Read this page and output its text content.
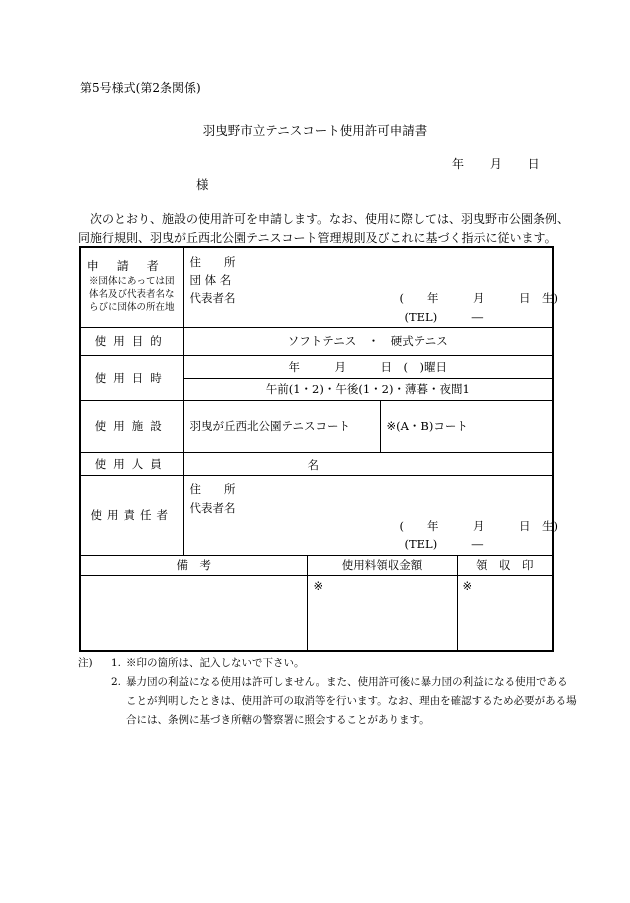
第5号様式(第2条関係)
羽曳野市立テニスコート使用許可申請書
年 月 日
様
次のとおり、施設の使用許可を申請します。なお、使用に際しては、羽曳野市公園条例、
同施行規則、羽曳が丘西北公園テニスコート管理規則及びこれに基づく指示に従います。
申請者
※団体にあっては団
体名及び代表者名な
らびに団体の所在地	住　　所
団 体 名
代表者名 (　　年　　　月　　　日　生)
(TEL)　　　―			

使用目的	ソフトテニス　・　硬式テニス			
使用日時	年　　　月　　　日　(　)曜日			
	午前(1・2)・午後(1・2)・薄暮・夜間1			
使用施設	羽曳が丘西北公園テニスコート		※(A・B)コート	
使用人員	名			

使用責任者	住　　所
代表者名
(　　年　　　月　　　日　生)
(TEL)　　　―			

備　考		使用料領収金額		領　収　印

		※		※
注) 1. ※印の箇所は、記入しないで下さい。
2. 暴力団の利益になる使用は許可しません。また、使用許可後に暴力団の利益になる使用である

ことが判明したときは、使用許可の取消等を行います。なお、理由を確認するため必要がある場

合には、条例に基づき所轄の警察署に照会することがあります。
